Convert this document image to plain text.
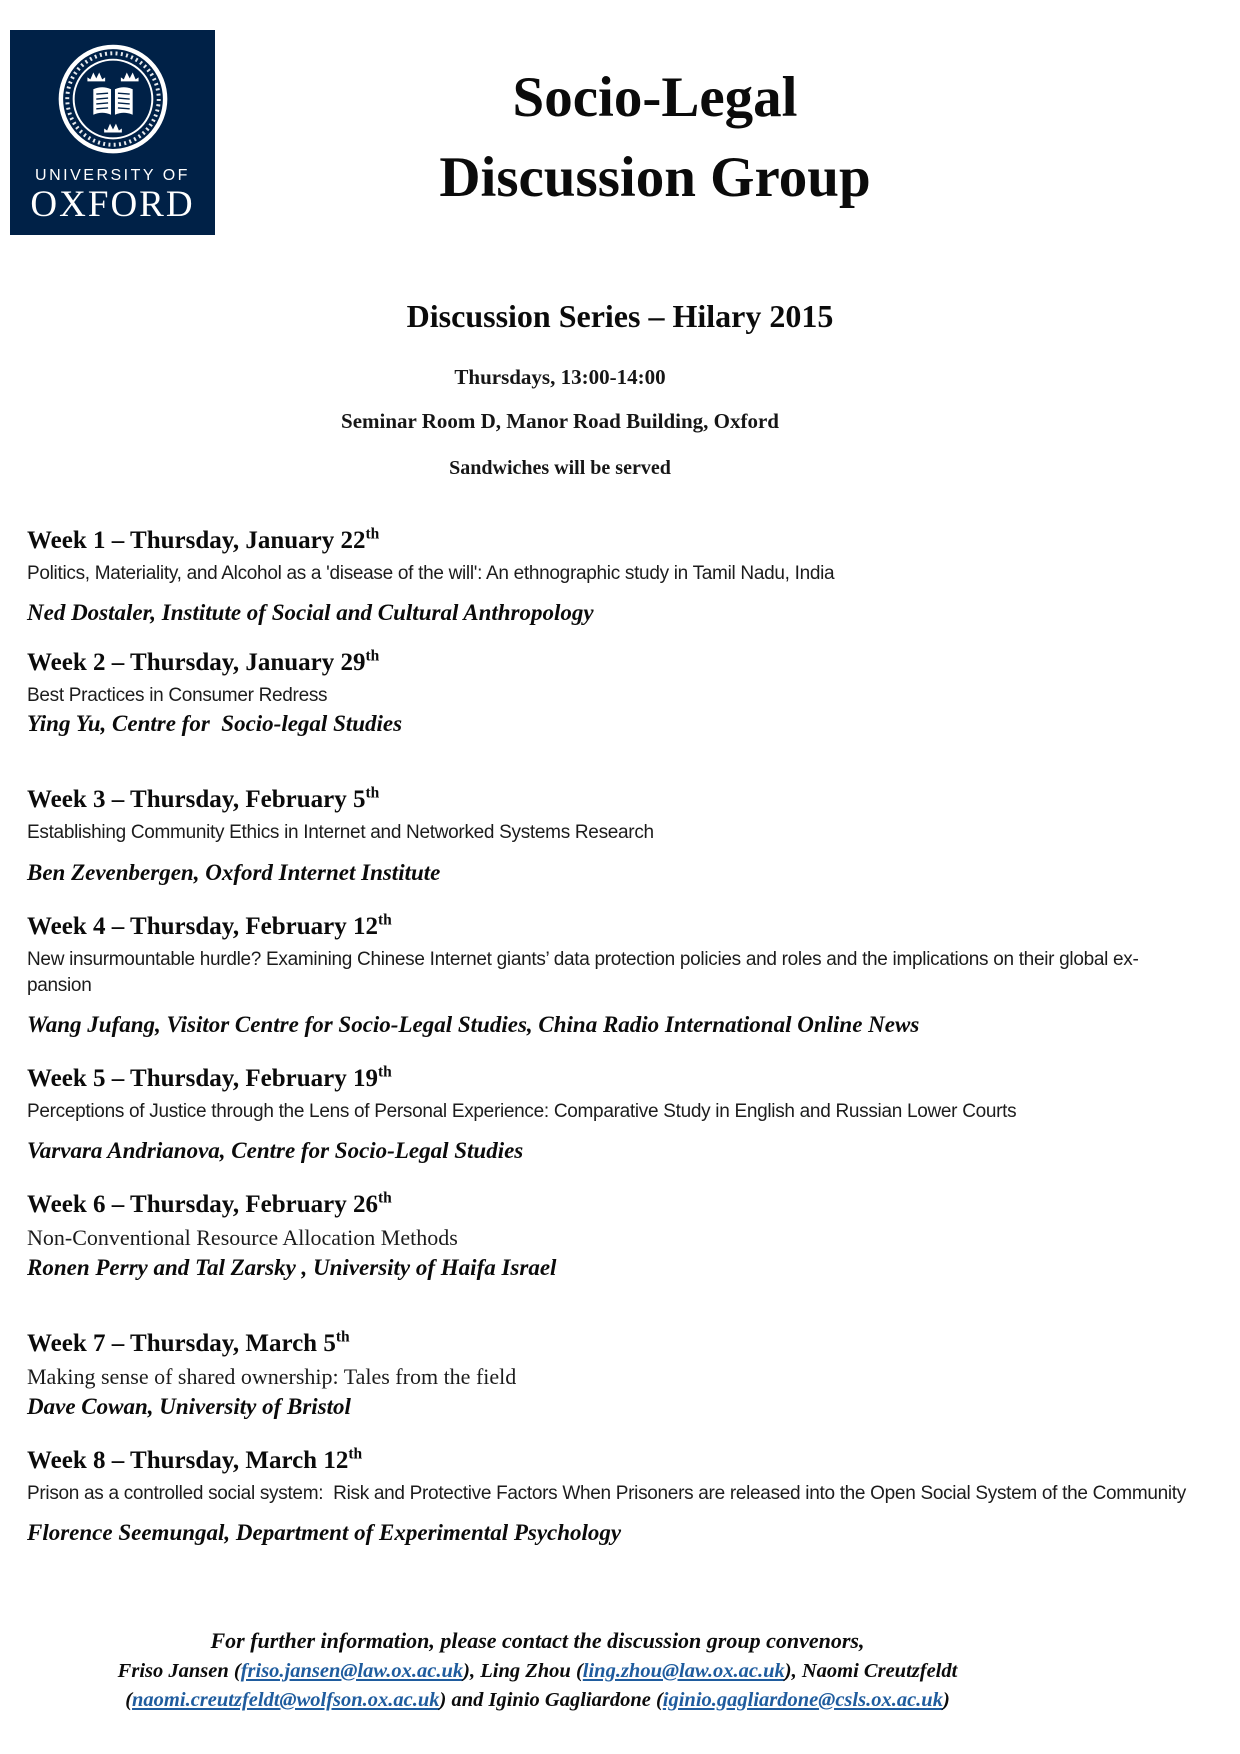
UNIVERSITY OF
OXFORD
Socio-Legal
Discussion Group
Discussion Series – Hilary 2015
Thursdays, 13:00-14:00
Seminar Room D, Manor Road Building, Oxford
Sandwiches will be served
Week 1 – Thursday, January 22th
Politics, Materiality, and Alcohol as a 'disease of the will': An ethnographic study in Tamil Nadu, India
Ned Dostaler, Institute of Social and Cultural Anthropology
Week 2 – Thursday, January 29th
Best Practices in Consumer Redress
Ying Yu, Centre for  Socio-legal Studies
Week 3 – Thursday, February 5th
Establishing Community Ethics in Internet and Networked Systems Research
Ben Zevenbergen, Oxford Internet Institute
Week 4 – Thursday, February 12th
New insurmountable hurdle? Examining Chinese Internet giants’ data protection policies and roles and the implications on their global ex-
pansion
Wang Jufang, Visitor Centre for Socio-Legal Studies, China Radio International Online News
Week 5 – Thursday, February 19th
Perceptions of Justice through the Lens of Personal Experience: Comparative Study in English and Russian Lower Courts
Varvara Andrianova, Centre for Socio-Legal Studies
Week 6 – Thursday, February 26th
Non-Conventional Resource Allocation Methods
Ronen Perry and Tal Zarsky , University of Haifa Israel
Week 7 – Thursday, March 5th
Making sense of shared ownership: Tales from the field
Dave Cowan, University of Bristol
Week 8 – Thursday, March 12th
Prison as a controlled social system:  Risk and Protective Factors When Prisoners are released into the Open Social System of the Community
Florence Seemungal, Department of Experimental Psychology
For further information, please contact the discussion group convenors,
Friso Jansen (friso.jansen@law.ox.ac.uk), Ling Zhou (ling.zhou@law.ox.ac.uk), Naomi Creutzfeldt
(naomi.creutzfeldt@wolfson.ox.ac.uk) and Iginio Gagliardone (iginio.gagliardone@csls.ox.ac.uk)
